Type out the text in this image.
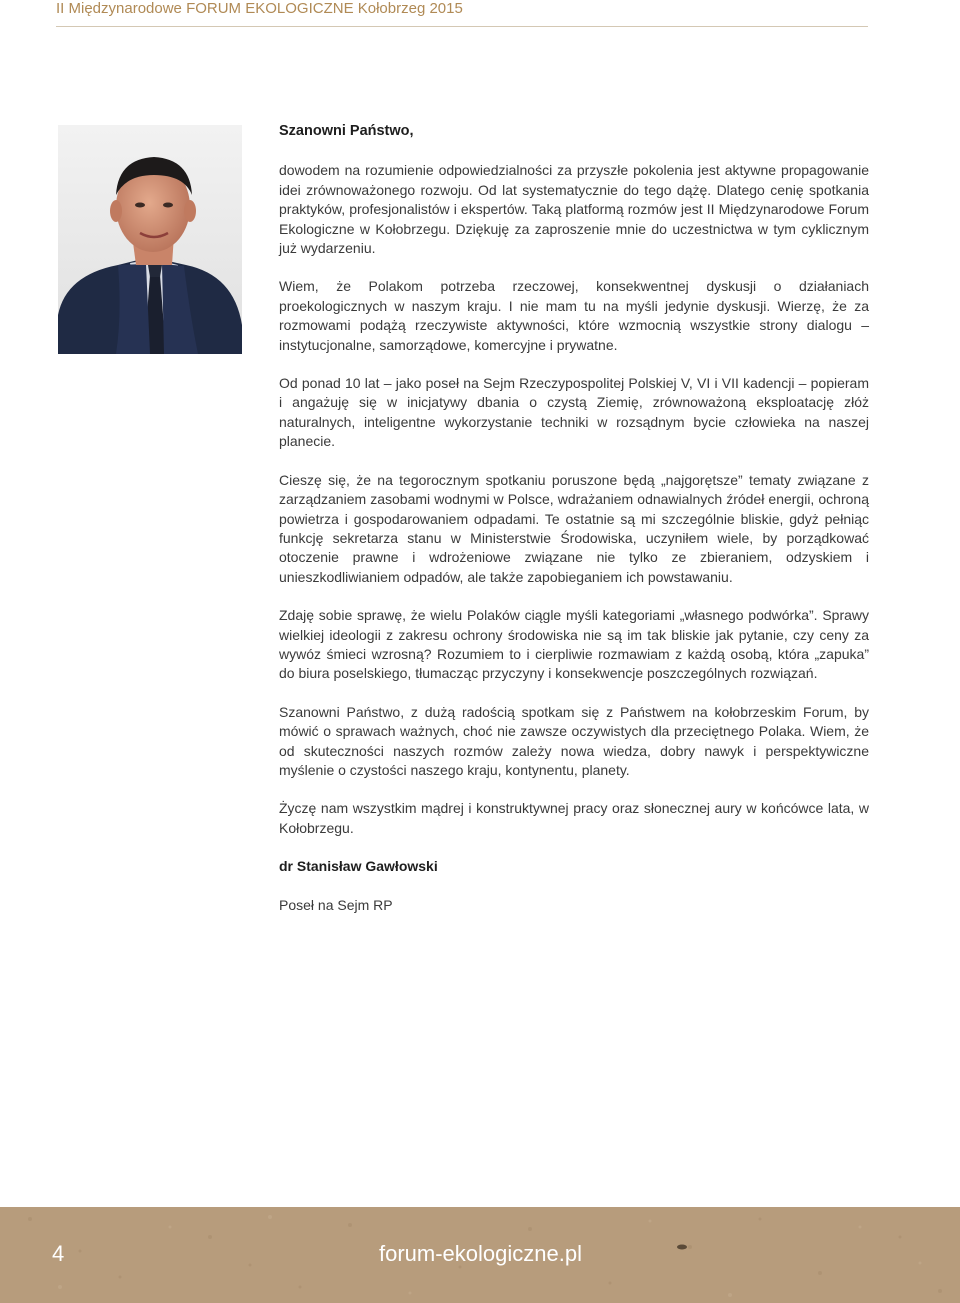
II Międzynarodowe FORUM EKOLOGICZNE Kołobrzeg 2015

Szanowni Państwo,

dowodem na rozumienie odpowiedzialności za przyszłe pokolenia jest aktywne propagowanie idei zrównoważonego rozwoju. Od lat systematycznie do tego dążę. Dlatego cenię spotkania praktyków, profesjonalistów i ekspertów. Taką platformą rozmów jest II Międzynarodowe Forum Ekologiczne w Kołobrzegu. Dziękuję za zaproszenie mnie do uczestnictwa w tym cyklicznym już wydarzeniu.

Wiem, że Polakom potrzeba rzeczowej, konsekwentnej dyskusji o działaniach proekologicznych w naszym kraju. I nie mam tu na myśli jedynie dyskusji. Wierzę, że za rozmowami podążą rzeczywiste aktywności, które wzmocnią wszystkie strony dialogu – instytucjonalne, samorządowe, komercyjne i prywatne.

Od ponad 10 lat – jako poseł na Sejm Rzeczypospolitej Polskiej V, VI i VII kadencji – popieram i angażuję się w inicjatywy dbania o czystą Ziemię, zrównoważoną eksploatację złóż naturalnych, inteligentne wykorzystanie techniki w rozsądnym bycie człowieka na naszej planecie.

Cieszę się, że na tegorocznym spotkaniu poruszone będą „najgorętsze” tematy związane z zarządzaniem zasobami wodnymi w Polsce, wdrażaniem odnawialnych źródeł energii, ochroną powietrza i gospodarowaniem odpadami. Te ostatnie są mi szczególnie bliskie, gdyż pełniąc funkcję sekretarza stanu w Ministerstwie Środowiska, uczyniłem wiele, by porządkować otoczenie prawne i wdrożeniowe związane nie tylko ze zbieraniem, odzyskiem i unieszkodliwianiem odpadów, ale także zapobieganiem ich powstawaniu.

Zdaję sobie sprawę, że wielu Polaków ciągle myśli kategoriami „własnego podwórka”. Sprawy wielkiej ideologii z zakresu ochrony środowiska nie są im tak bliskie jak pytanie, czy ceny za wywóz śmieci wzrosną? Rozumiem to i cierpliwie rozmawiam z każdą osobą, która „zapuka” do biura poselskiego, tłumacząc przyczyny i konsekwencje poszczególnych rozwiązań.

Szanowni Państwo, z dużą radością spotkam się z Państwem na kołobrzeskim Forum, by mówić o sprawach ważnych, choć nie zawsze oczywistych dla przeciętnego Polaka. Wiem, że od skuteczności naszych rozmów zależy nowa wiedza, dobry nawyk i perspektywiczne myślenie o czystości naszego kraju, kontynentu, planety.

Życzę nam wszystkim mądrej i konstruktywnej pracy oraz słonecznej aury w końcówce lata, w Kołobrzegu.

dr Stanisław Gawłowski

Poseł na Sejm RP

4	forum-ekologiczne.pl
